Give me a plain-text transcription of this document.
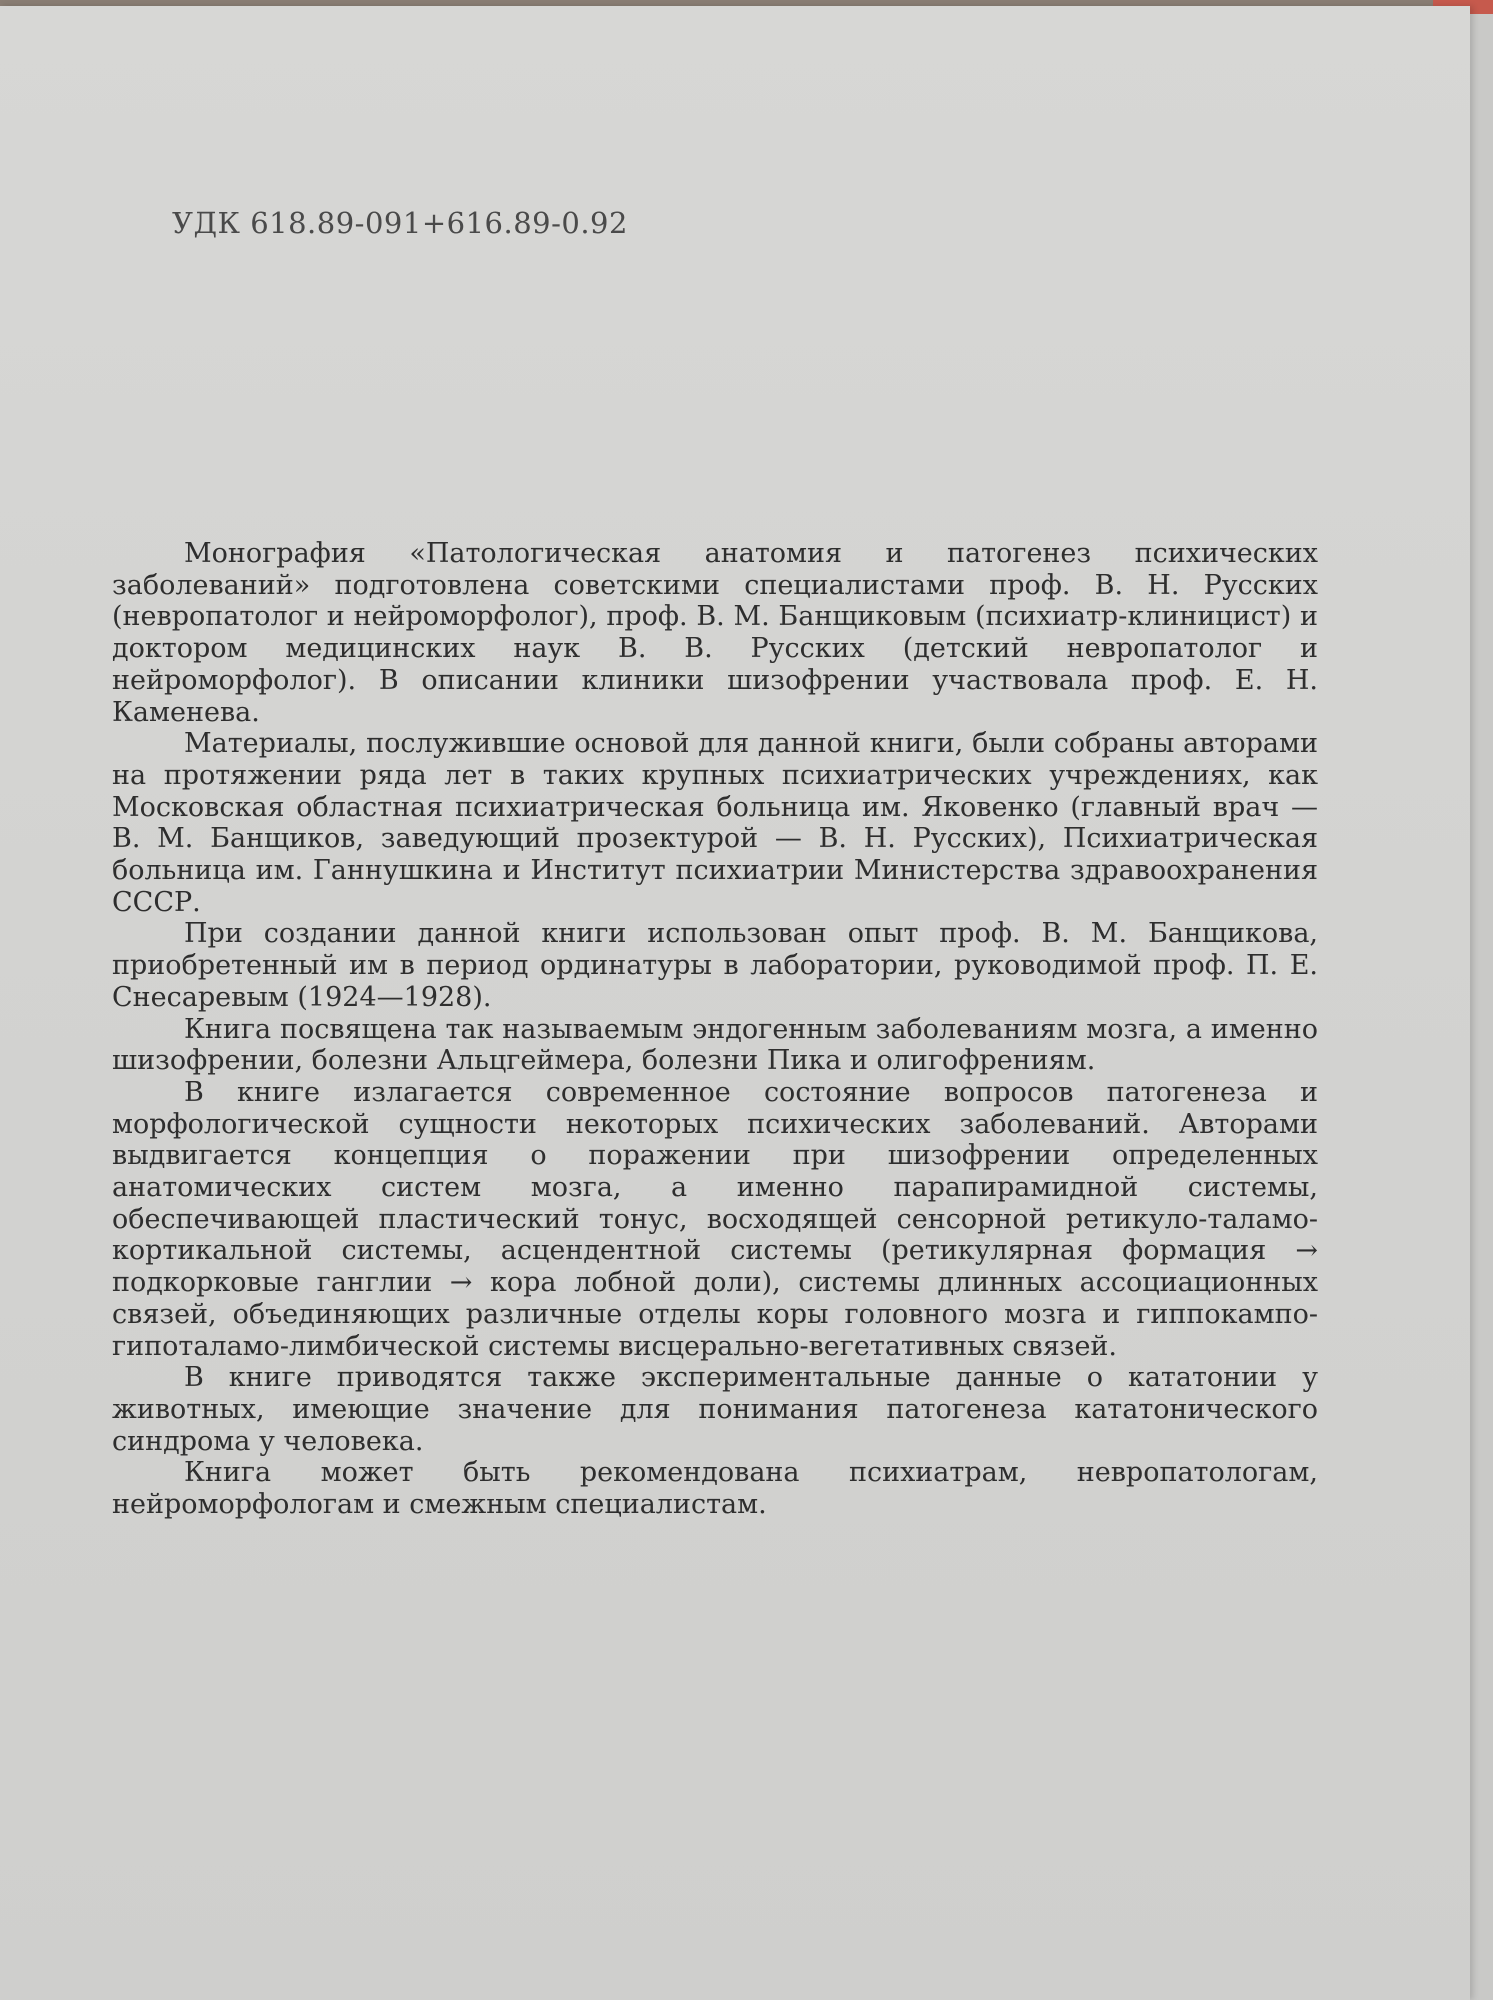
УДК 618.89-091+616.89-0.92

Монография «Патологическая анатомия и патогенез психических заболеваний» подготовлена советскими специалистами проф. В. Н. Русских (невропатолог и нейроморфолог), проф. В. М. Банщиковым (психиатр-клиницист) и доктором медицинских наук В. В. Русских (детский невропатолог и нейроморфолог). В описании клиники шизофрении участвовала проф. Е. Н. Каменева.

Материалы, послужившие основой для данной книги, были собраны авторами на протяжении ряда лет в таких крупных психиатрических учреждениях, как Московская областная психиатрическая больница им. Яковенко (главный врач — В. М. Банщиков, заведующий прозектурой — В. Н. Русских), Психиатрическая больница им. Ганнушкина и Институт психиатрии Министерства здравоохранения СССР.

При создании данной книги использован опыт проф. В. М. Банщикова, приобретенный им в период ординатуры в лаборатории, руководимой проф. П. Е. Снесаревым (1924—1928).

Книга посвящена так называемым эндогенным заболеваниям мозга, а именно шизофрении, болезни Альцгеймера, болезни Пика и олигофрениям.

В книге излагается современное состояние вопросов патогенеза и морфологической сущности некоторых психических заболеваний. Авторами выдвигается концепция о поражении при шизофрении определенных анатомических систем мозга, а именно парапирамидной системы, обеспечивающей пластический тонус, восходящей сенсорной ретикуло-таламо-кортикальной системы, асцендентной системы (ретикулярная формация → подкорковые ганглии → кора лобной доли), системы длинных ассоциационных связей, объединяющих различные отделы коры головного мозга и гиппокампо-гипоталамо-лимбической системы висцерально-вегетативных связей.

В книге приводятся также экспериментальные данные о кататонии у животных, имеющие значение для понимания патогенеза кататонического синдрома у человека.

Книга может быть рекомендована психиатрам, невропатологам, нейроморфологам и смежным специалистам.
